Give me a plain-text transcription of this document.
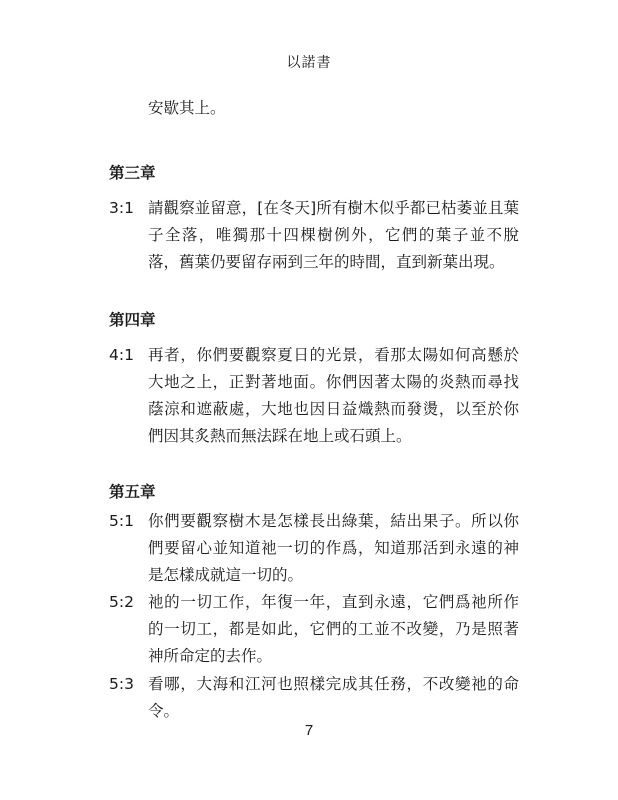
以諾書
安歇其上。
第三章
3:1 請觀察並留意，[在冬天]所有樹木似乎都已枯萎並且葉子全落，唯獨那十四棵樹例外，它們的葉子並不脫落，舊葉仍要留存兩到三年的時間，直到新葉出現。
第四章
4:1 再者，你們要觀察夏日的光景，看那太陽如何高懸於大地之上，正對著地面。你們因著太陽的炎熱而尋找蔭涼和遮蔽處，大地也因日益熾熱而發燙，以至於你們因其炙熱而無法踩在地上或石頭上。
第五章
5:1 你們要觀察樹木是怎樣長出綠葉，結出果子。所以你們要留心並知道祂一切的作爲，知道那活到永遠的神是怎樣成就這一切的。
5:2 祂的一切工作，年復一年，直到永遠，它們爲祂所作的一切工，都是如此，它們的工並不改變，乃是照著神所命定的去作。
5:3 看哪，大海和江河也照樣完成其任務，不改變祂的命令。
7
